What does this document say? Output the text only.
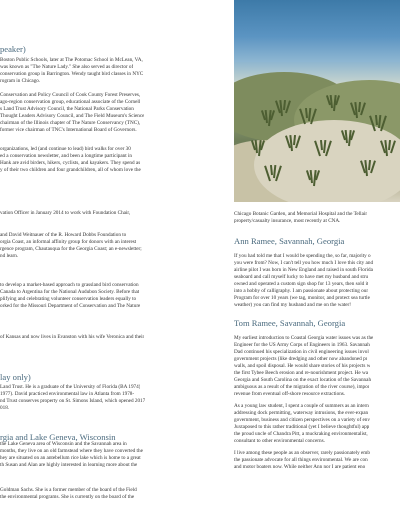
peaker)
Boston Public Schools, later at The Potomac School in McLean, VA,
was known as "The Nature Lady." She also served as director of
conservation group in Barrington. Wendy taught bird classes in NYC
rogram in Chicago.
Conservation and Policy Council of Cook County Forest Preserves,
ago-region conservation group, educational associate of the Cornell
s Land Trust Advisory Council, the National Parks Conservation
Thought Leaders Advisory Council, and The Field Museum's Science
chairman of the Illinois chapter of The Nature Conservancy (TNC),
former vice chairman of TNC's International Board of Governors.
organizations, led (and continue to lead) bird walks for over 30
ed a conservation newsletter, and been a longtime participant in
Hank are avid birders, hikers, cyclists, and kayakers. They spend as
y of their two children and four grandchildren, all of whom love the
vation Officer in January 2014 to work with Foundation Chair,
and David Weitnauer of the R. Howard Dobbs Foundation to
orgia Coast, an informal affinity group for donors with an interest
rgence program, Chautauqua for the Georgia Coast; an e-newsletter;
nd learn.
to develop a market-based approach to grassland bird conservation
Canada to Argentina for the National Audubon Society. Before that
plifying and celebrating volunteer conservation leaders equally to
orked for the Missouri Department of Conservation and The Nature
of Kansas and now lives in Evanston with his wife Veronica and their
lay only)
Land Trust. He is a graduate of the University of Florida (BA 1974)
1977). David practiced environmental law in Atlanta from 1978-
nd Trust conserves property on St. Simons Island, which opened 2017
018.
rgia and Lake Geneva, Wisconsin
the Lake Geneva area of Wisconsin and the Savannah area in
months, they live on an old farmstead where they have converted the
hey are situated on an antebellum rice lake which is home to a great
th Susan and Alan are highly interested in learning more about the
Goldman Sachs. She is a former member of the board of the Field
the environmental programs. She is currently on the board of the
Chicago Botanic Garden, and Memorial Hospital and the Tellair
property/casualty insurance, most recently at CNA.
Ann Ramee, Savannah, Georgia
If you had told me that I would be spending the, so far, majority o
you were from? Now, I can't tell you how much I love this city and
airline pilot I was born in New England and raised in south Florida
seaboard and call myself lucky to have met my husband and stru
owned and operated a custom sign shop for 13 years, then sold it
into a hobby of calligraphy. I am passionate about protecting our
Program for over 10 years (we tag, monitor, and protect sea turtle
weather) you can find my husband and me on the water!
Tom Ramee, Savannah, Georgia
My earliest introduction to Coastal Georgia water issues was as the
Engineer for the US Army Corps of Engineers in 1963. Savannah
Dad continued his specialization in civil engineering issues invol
government projects (like dredging and other now abandoned pr
walls, and spoil disposal. He would share stories of his projects w
the first Tybee Beech erosion and re-nourishment project. He wa
Georgia and South Carolina on the exact location of the Savannah
ambiguous as a result of the migration of the river course), impor
revenue from eventual off-shore resource extractions.
As a young law student, I spent a couple of summers as an intern
addressing dock permitting, waterway intrusions, the ever-expan
government, business and citizen perspectives on a variety of env
Juxtaposed to this rather traditional (yet I believe thoughtful) app
the proud uncle of Chandra Pitt, a muckraking environmentalist,
consultant to other environmental concerns.
I live among these people as an observer, rarely passionately emb
the passionate advocate for all things environmental. We are con
and motor boaters now. While neither Ann nor I are patient eno
